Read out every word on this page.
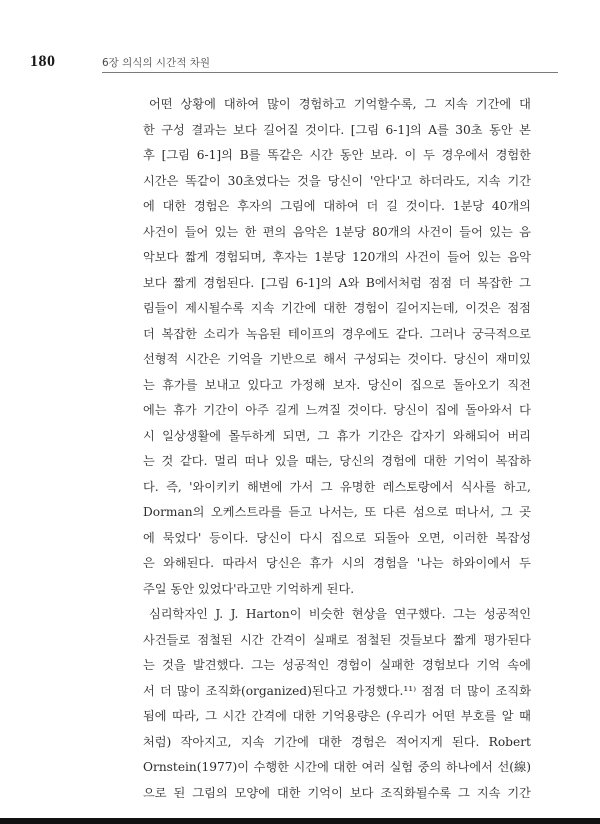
180	6장 의식의 시간적 차원
어떤 상황에 대하여 많이 경험하고 기억할수록, 그 지속 기간에 대
한 구성 결과는 보다 길어질 것이다. [그림 6-1]의 A를 30초 동안 본
후 [그림 6-1]의 B를 똑같은 시간 동안 보라. 이 두 경우에서 경험한
시간은 똑같이 30초였다는 것을 당신이 '안다'고 하더라도, 지속 기간
에 대한 경험은 후자의 그림에 대하여 더 길 것이다. 1분당 40개의
사건이 들어 있는 한 편의 음악은 1분당 80개의 사건이 들어 있는 음
악보다 짧게 경험되며, 후자는 1분당 120개의 사건이 들어 있는 음악
보다 짧게 경험된다. [그림 6-1]의 A와 B에서처럼 점점 더 복잡한 그
림들이 제시될수록 지속 기간에 대한 경험이 길어지는데, 이것은 점점
더 복잡한 소리가 녹음된 테이프의 경우에도 같다. 그러나 궁극적으로
선형적 시간은 기억을 기반으로 해서 구성되는 것이다. 당신이 재미있
는 휴가를 보내고 있다고 가정해 보자. 당신이 집으로 돌아오기 직전
에는 휴가 기간이 아주 길게 느껴질 것이다. 당신이 집에 돌아와서 다
시 일상생활에 몰두하게 되면, 그 휴가 기간은 갑자기 와해되어 버리
는 것 같다. 멀리 떠나 있을 때는, 당신의 경험에 대한 기억이 복잡하
다. 즉, '와이키키 해변에 가서 그 유명한 레스토랑에서 식사를 하고,
Dorman의 오케스트라를 듣고 나서는, 또 다른 섬으로 떠나서, 그 곳
에 묵었다' 등이다. 당신이 다시 집으로 되돌아 오면, 이러한 복잡성
은 와해된다. 따라서 당신은 휴가 시의 경험을 '나는 하와이에서 두
주일 동안 있었다'라고만 기억하게 된다.
심리학자인 J. J. Harton이 비슷한 현상을 연구했다. 그는 성공적인
사건들로 점철된 시간 간격이 실패로 점철된 것들보다 짧게 평가된다
는 것을 발견했다. 그는 성공적인 경험이 실패한 경험보다 기억 속에
서 더 많이 조직화(organized)된다고 가정했다.¹¹⁾ 점점 더 많이 조직화
됨에 따라, 그 시간 간격에 대한 기억용량은 (우리가 어떤 부호를 알 때
처럼) 작아지고, 지속 기간에 대한 경험은 적어지게 된다. Robert
Ornstein(1977)이 수행한 시간에 대한 여러 실험 중의 하나에서 선(線)
으로 된 그림의 모양에 대한 기억이 보다 조직화될수록 그 지속 기간
